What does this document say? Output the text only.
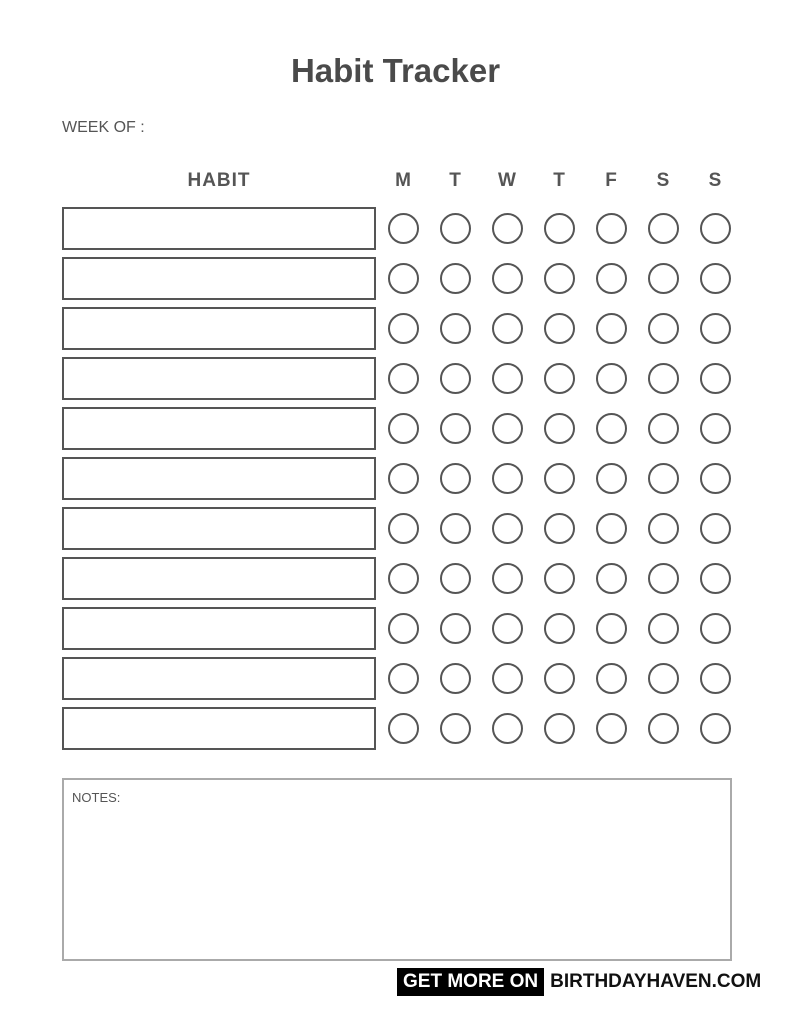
Habit Tracker
WEEK OF :
HABIT	M	T	W	T	F	S	S
NOTES:
GET MORE ON BIRTHDAYHAVEN.COM
